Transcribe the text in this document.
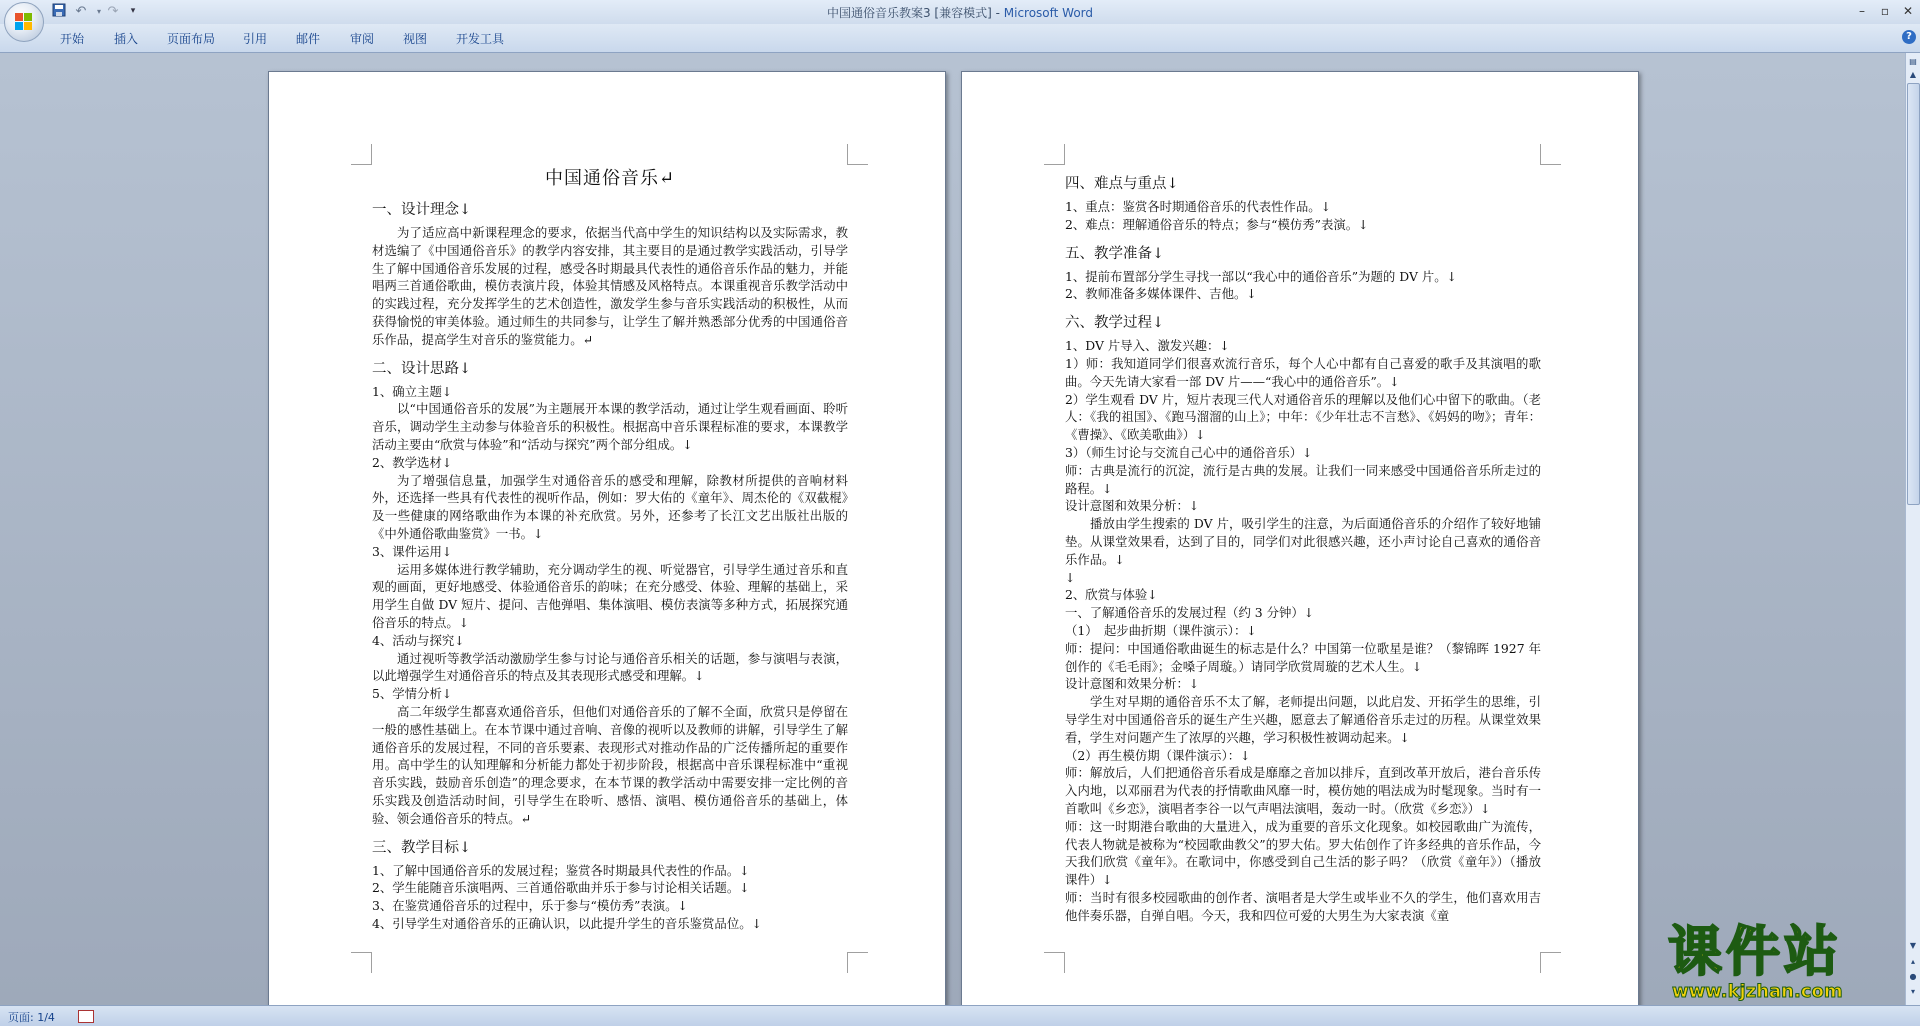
↶	▾ ↷	▾	中国通俗音乐教案3 [兼容模式] - Microsoft Word	–	▫	✕
开始 插入 页面布局 引用 邮件 审阅 视图 开发工具	?
中国通俗音乐↵
一、设计理念↓
为了适应高中新课程理念的要求，依据当代高中学生的知识结构以及实际需求，教材选编了《中国通俗音乐》的教学内容安排，其主要目的是通过教学实践活动，引导学生了解中国通俗音乐发展的过程，感受各时期最具代表性的通俗音乐作品的魅力，并能唱两三首通俗歌曲，模仿表演片段，体验其情感及风格特点。本课重视音乐教学活动中的实践过程，充分发挥学生的艺术创造性，激发学生参与音乐实践活动的积极性，从而获得愉悦的审美体验。通过师生的共同参与，让学生了解并熟悉部分优秀的中国通俗音乐作品，提高学生对音乐的鉴赏能力。↵
二、设计思路↓
1、确立主题↓
以“中国通俗音乐的发展”为主题展开本课的教学活动，通过让学生观看画面、聆听音乐，调动学生主动参与体验音乐的积极性。根据高中音乐课程标准的要求，本课教学活动主要由“欣赏与体验”和“活动与探究”两个部分组成。↓
2、教学选材↓
为了增强信息量，加强学生对通俗音乐的感受和理解，除教材所提供的音响材料外，还选择一些具有代表性的视听作品，例如：罗大佑的《童年》、周杰伦的《双截棍》及一些健康的网络歌曲作为本课的补充欣赏。另外，还参考了长江文艺出版社出版的《中外通俗歌曲鉴赏》一书。↓
3、课件运用↓
运用多媒体进行教学辅助，充分调动学生的视、听觉器官，引导学生通过音乐和直观的画面，更好地感受、体验通俗音乐的韵味；在充分感受、体验、理解的基础上，采用学生自做 DV 短片、提问、吉他弹唱、集体演唱、模仿表演等多种方式，拓展探究通俗音乐的特点。↓
4、活动与探究↓
通过视听等教学活动激励学生参与讨论与通俗音乐相关的话题，参与演唱与表演，以此增强学生对通俗音乐的特点及其表现形式感受和理解。↓
5、学情分析↓
高二年级学生都喜欢通俗音乐，但他们对通俗音乐的了解不全面，欣赏只是停留在一般的感性基础上。在本节课中通过音响、音像的视听以及教师的讲解，引导学生了解通俗音乐的发展过程，不同的音乐要素、表现形式对推动作品的广泛传播所起的重要作用。高中学生的认知理解和分析能力都处于初步阶段，根据高中音乐课程标准中“重视音乐实践，鼓励音乐创造”的理念要求，在本节课的教学活动中需要安排一定比例的音乐实践及创造活动时间，引导学生在聆听、感悟、演唱、模仿通俗音乐的基础上，体验、领会通俗音乐的特点。↵
三、教学目标↓
1、了解中国通俗音乐的发展过程；鉴赏各时期最具代表性的作品。↓
2、学生能随音乐演唱两、三首通俗歌曲并乐于参与讨论相关话题。↓
3、在鉴赏通俗音乐的过程中，乐于参与“模仿秀”表演。↓
4、引导学生对通俗音乐的正确认识，以此提升学生的音乐鉴赏品位。↓
四、难点与重点↓
1、重点：鉴赏各时期通俗音乐的代表性作品。↓
2、难点：理解通俗音乐的特点；参与“模仿秀”表演。↓
五、教学准备↓
1、提前布置部分学生寻找一部以“我心中的通俗音乐”为题的 DV 片。↓
2、教师准备多媒体课件、吉他。↓
六、教学过程↓
1、DV 片导入、激发兴趣：↓
1）师：我知道同学们很喜欢流行音乐，每个人心中都有自己喜爱的歌手及其演唱的歌曲。今天先请大家看一部 DV 片——“我心中的通俗音乐”。↓
2）学生观看 DV 片，短片表现三代人对通俗音乐的理解以及他们心中留下的歌曲。（老人：《我的祖国》、《跑马溜溜的山上》；中年：《少年壮志不言愁》、《妈妈的吻》；青年：《曹操》、《欧美歌曲》）↓
3）（师生讨论与交流自己心中的通俗音乐）↓
师：古典是流行的沉淀，流行是古典的发展。让我们一同来感受中国通俗音乐所走过的路程。↓
设计意图和效果分析：↓
播放由学生搜索的 DV 片，吸引学生的注意，为后面通俗音乐的介绍作了较好地铺垫。从课堂效果看，达到了目的，同学们对此很感兴趣，还小声讨论自己喜欢的通俗音乐作品。↓
↓
2、欣赏与体验↓
一、了解通俗音乐的发展过程（约 3 分钟）↓
（1）　起步曲折期（课件演示）：↓
师：提问：中国通俗歌曲诞生的标志是什么？中国第一位歌星是谁？（黎锦晖 1927 年创作的《毛毛雨》；金嗓子周璇。）请同学欣赏周璇的艺术人生。↓
设计意图和效果分析：↓
学生对早期的通俗音乐不太了解，老师提出问题，以此启发、开拓学生的思维，引导学生对中国通俗音乐的诞生产生兴趣，愿意去了解通俗音乐走过的历程。从课堂效果看，学生对问题产生了浓厚的兴趣，学习积极性被调动起来。↓
（2）再生模仿期（课件演示）：↓
师：解放后，人们把通俗音乐看成是靡靡之音加以排斥，直到改革开放后，港台音乐传入内地，以邓丽君为代表的抒情歌曲风靡一时，模仿她的唱法成为时髦现象。当时有一首歌叫《乡恋》，演唱者李谷一以气声唱法演唱，轰动一时。（欣赏《乡恋》）↓
师：这一时期港台歌曲的大量进入，成为重要的音乐文化现象。如校园歌曲广为流传，代表人物就是被称为“校园歌曲教父”的罗大佑。罗大佑创作了许多经典的音乐作品，今天我们欣赏《童年》。在歌词中，你感受到自己生活的影子吗？（欣赏《童年》）（播放课件）↓
师：当时有很多校园歌曲的创作者、演唱者是大学生或毕业不久的学生，他们喜欢用吉他伴奏乐器，自弹自唱。今天，我和四位可爱的大男生为大家表演《童
▤
▲
▼
▴
●
▾
页面: 1/4
课件站
www.kjzhan.com
